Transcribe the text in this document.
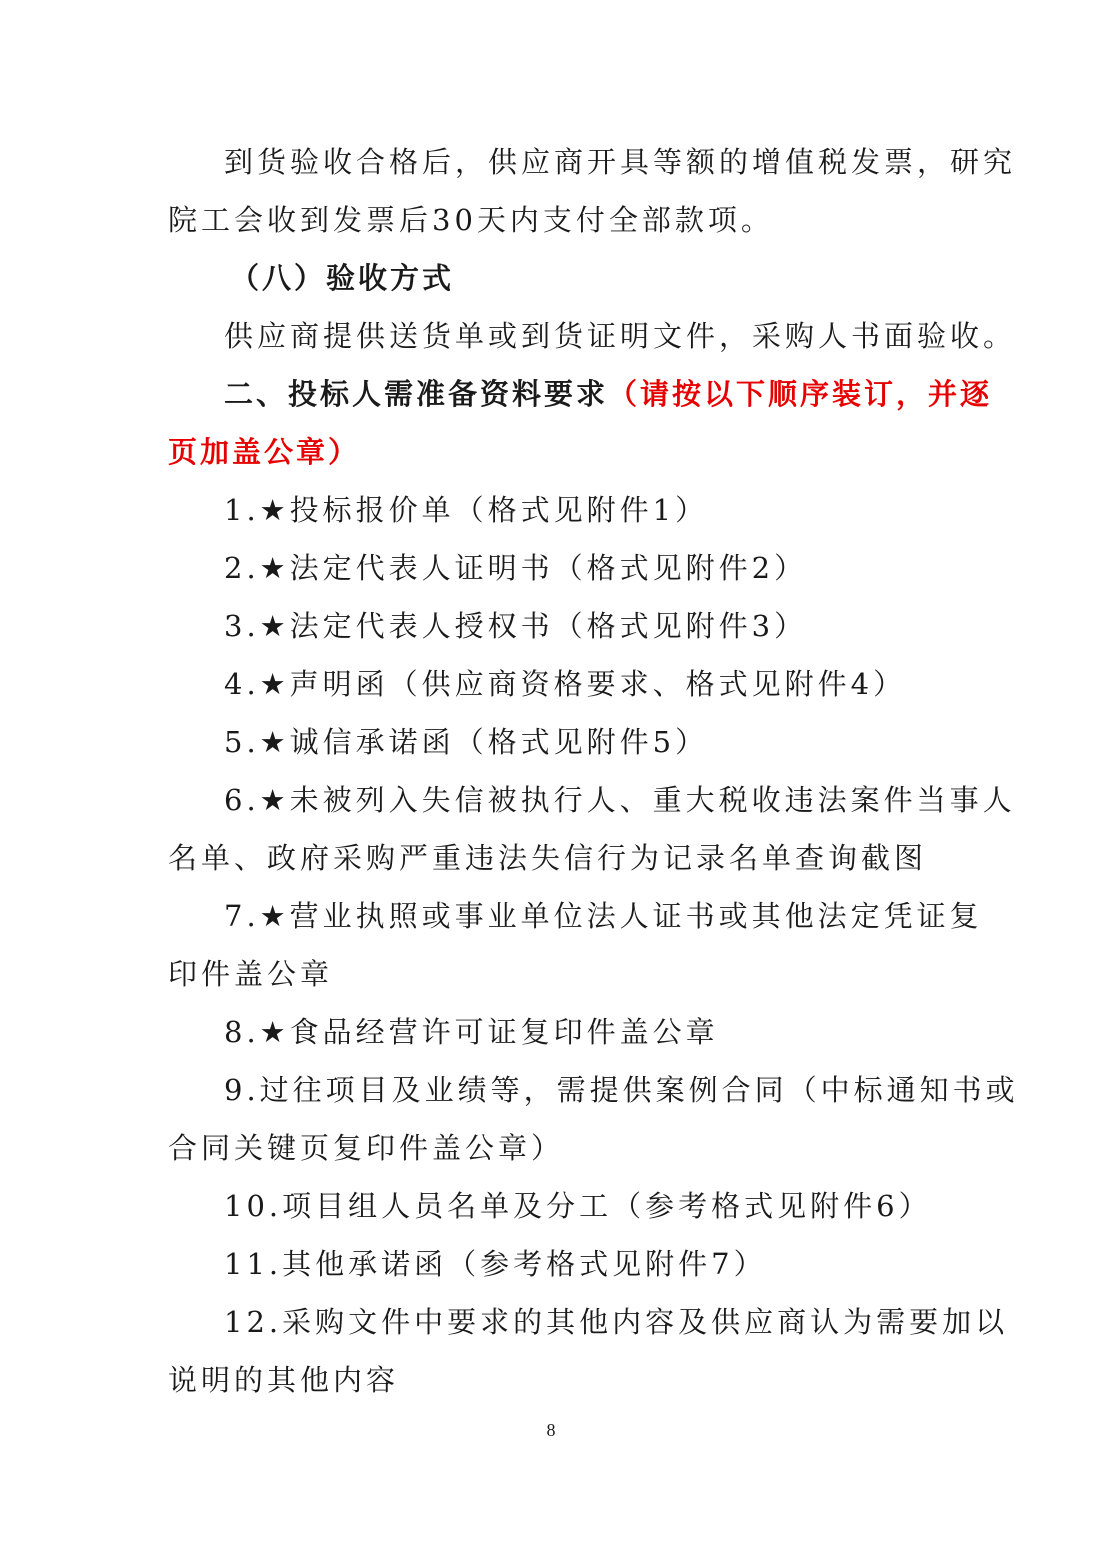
到货验收合格后，供应商开具等额的增值税发票，研究
院工会收到发票后30天内支付全部款项。
（八）验收方式
供应商提供送货单或到货证明文件，采购人书面验收。
二、投标人需准备资料要求（请按以下顺序装订，并逐
页加盖公章）
1.★投标报价单（格式见附件1）
2.★法定代表人证明书（格式见附件2）
3.★法定代表人授权书（格式见附件3）
4.★声明函（供应商资格要求、格式见附件4）
5.★诚信承诺函（格式见附件5）
6.★未被列入失信被执行人、重大税收违法案件当事人
名单、政府采购严重违法失信行为记录名单查询截图
7.★营业执照或事业单位法人证书或其他法定凭证复
印件盖公章
8.★食品经营许可证复印件盖公章
9.过往项目及业绩等，需提供案例合同（中标通知书或
合同关键页复印件盖公章）
10.项目组人员名单及分工（参考格式见附件6）
11.其他承诺函（参考格式见附件7）
12.采购文件中要求的其他内容及供应商认为需要加以
说明的其他内容
8
